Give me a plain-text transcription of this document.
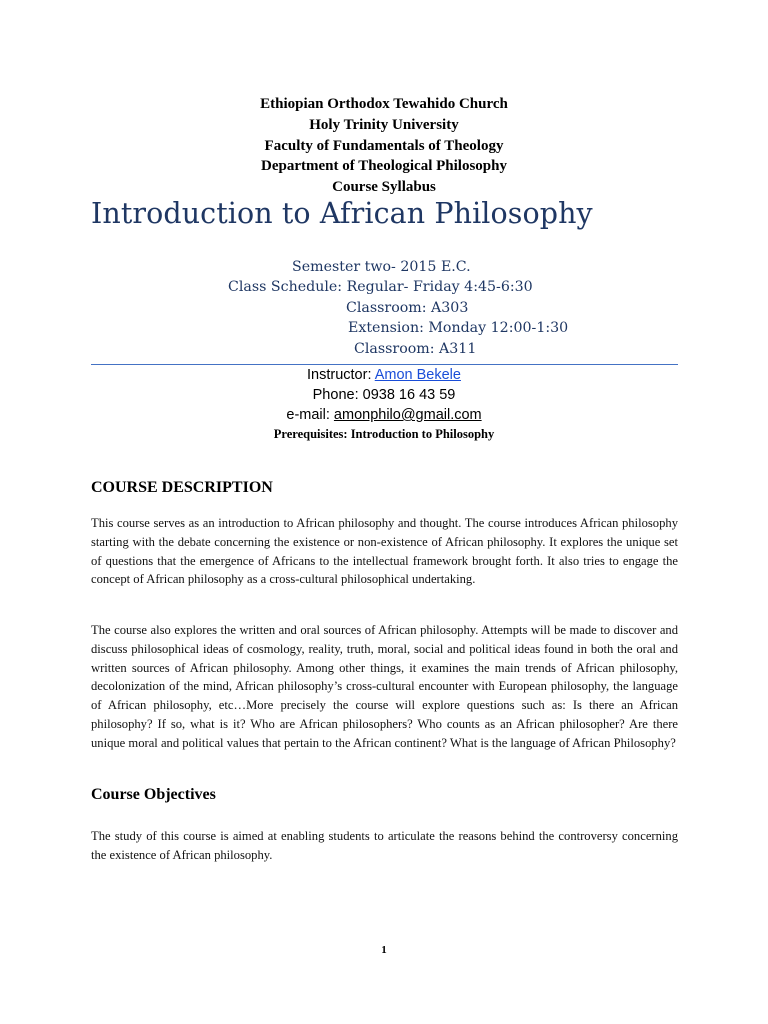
Ethiopian Orthodox Tewahido Church
Holy Trinity University
Faculty of Fundamentals of Theology
Department of Theological Philosophy
Course Syllabus
Introduction to African Philosophy
Semester two- 2015 E.C.
Class Schedule: Regular- Friday 4:45-6:30
Classroom: A303
Extension: Monday 12:00-1:30
Classroom: A311
Instructor: Amon Bekele
Phone: 0938 16 43 59
e-mail: amonphilo@gmail.com
Prerequisites: Introduction to Philosophy
COURSE DESCRIPTION

This course serves as an introduction to African philosophy and thought. The course introduces African philosophy starting with the debate concerning the existence or non-existence of African philosophy. It explores the unique set of questions that the emergence of Africans to the intellectual framework brought forth. It also tries to engage the concept of African philosophy as a cross-cultural philosophical undertaking.

The course also explores the written and oral sources of African philosophy. Attempts will be made to discover and discuss philosophical ideas of cosmology, reality, truth, moral, social and political ideas found in both the oral and written sources of African philosophy. Among other things, it examines the main trends of African philosophy, decolonization of the mind, African philosophy’s cross-cultural encounter with European philosophy, the language of African philosophy, etc…More precisely the course will explore questions such as: Is there an African philosophy? If so, what is it? Who are African philosophers? Who counts as an African philosopher? Are there unique moral and political values that pertain to the African continent? What is the language of African Philosophy?

Course Objectives

The study of this course is aimed at enabling students to articulate the reasons behind the controversy concerning the existence of African philosophy.

1
